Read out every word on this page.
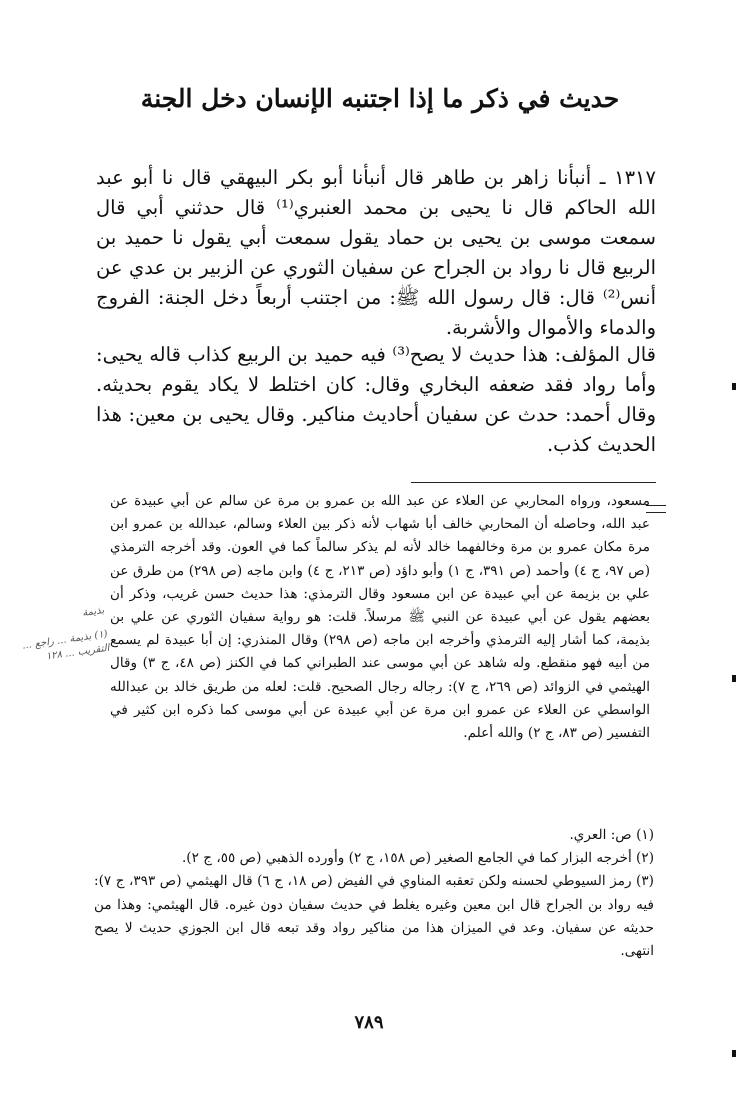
حديث في ذكر ما إذا اجتنبه الإنسان دخل الجنة

١٣١٧ ـ أنبأنا زاهر بن طاهر قال أنبأنا أبو بكر البيهقي قال نا أبو عبد الله الحاكم قال نا يحيى بن محمد العنبري⁽¹⁾ قال حدثني أبي قال سمعت موسى بن يحيى بن حماد يقول سمعت أبي يقول نا حميد بن الربيع قال نا رواد بن الجراح عن سفيان الثوري عن الزبير بن عدي عن أنس⁽²⁾ قال: قال رسول الله ﷺ: من اجتنب أربعاً دخل الجنة: الفروج والدماء والأموال والأشربة.

قال المؤلف: هذا حديث لا يصح⁽³⁾ فيه حميد بن الربيع كذاب قاله يحيى: وأما رواد فقد ضعفه البخاري وقال: كان اختلط لا يكاد يقوم بحديثه. وقال أحمد: حدث عن سفيان أحاديث مناكير. وقال يحيى بن معين: هذا الحديث كذب.

مسعود، ورواه المحاربي عن العلاء عن عبد الله بن عمرو بن مرة عن سالم عن أبي عبيدة عن عبد الله، وحاصله أن المحاربي خالف أبا شهاب لأنه ذكر بين العلاء وسالم، عبدالله بن عمرو ابن مرة مكان عمرو بن مرة وخالفهما خالد لأنه لم يذكر سالماً كما في العون. وقد أخرجه الترمذي (ص ٩٧، ج ٤) وأحمد (ص ٣٩١، ج ١) وأبو داؤد (ص ٢١٣، ج ٤) وابن ماجه (ص ٢٩٨) من طرق عن علي بن بزيمة عن أبي عبيدة عن ابن مسعود وقال الترمذي: هذا حديث حسن غريب، وذكر أن بعضهم يقول عن أبي عبيدة عن النبي ﷺ مرسلاً. قلت: هو رواية سفيان الثوري عن علي بن بذيمة، كما أشار إليه الترمذي وأخرجه ابن ماجه (ص ٢٩٨) وقال المنذري: إن أبا عبيدة لم يسمع من أبيه فهو منقطع. وله شاهد عن أبي موسى عند الطبراني كما في الكنز (ص ٤٨، ج ٣) وقال الهيثمي في الزوائد (ص ٢٦٩، ج ٧): رجاله رجال الصحيح. قلت: لعله من طريق خالد بن عبدالله الواسطي عن العلاء عن عمرو ابن مرة عن أبي عبيدة عن أبي موسى كما ذكره ابن كثير في التفسير (ص ٨٣، ج ٢) والله أعلم.
(١) ص: العري.
(٢) أخرجه البزار كما في الجامع الصغير (ص ١٥٨، ج ٢) وأورده الذهبي (ص ٥٥، ج ٢).
(٣) رمز السيوطي لحسنه ولكن تعقبه المناوي في الفيض (ص ١٨، ج ٦) قال الهيثمي (ص ٣٩٣، ج ٧): فيه رواد بن الجراح قال ابن معين وغيره يغلط في حديث سفيان دون غيره. قال الهيثمي: وهذا من حديثه عن سفيان. وعد في الميزان هذا من مناكير رواد وقد تبعه قال ابن الجوزي حديث لا يصح انتهى.
بذيمة
(١) بذيمة ... راجع ... التقريب ... ١٢٨
٧٨٩
